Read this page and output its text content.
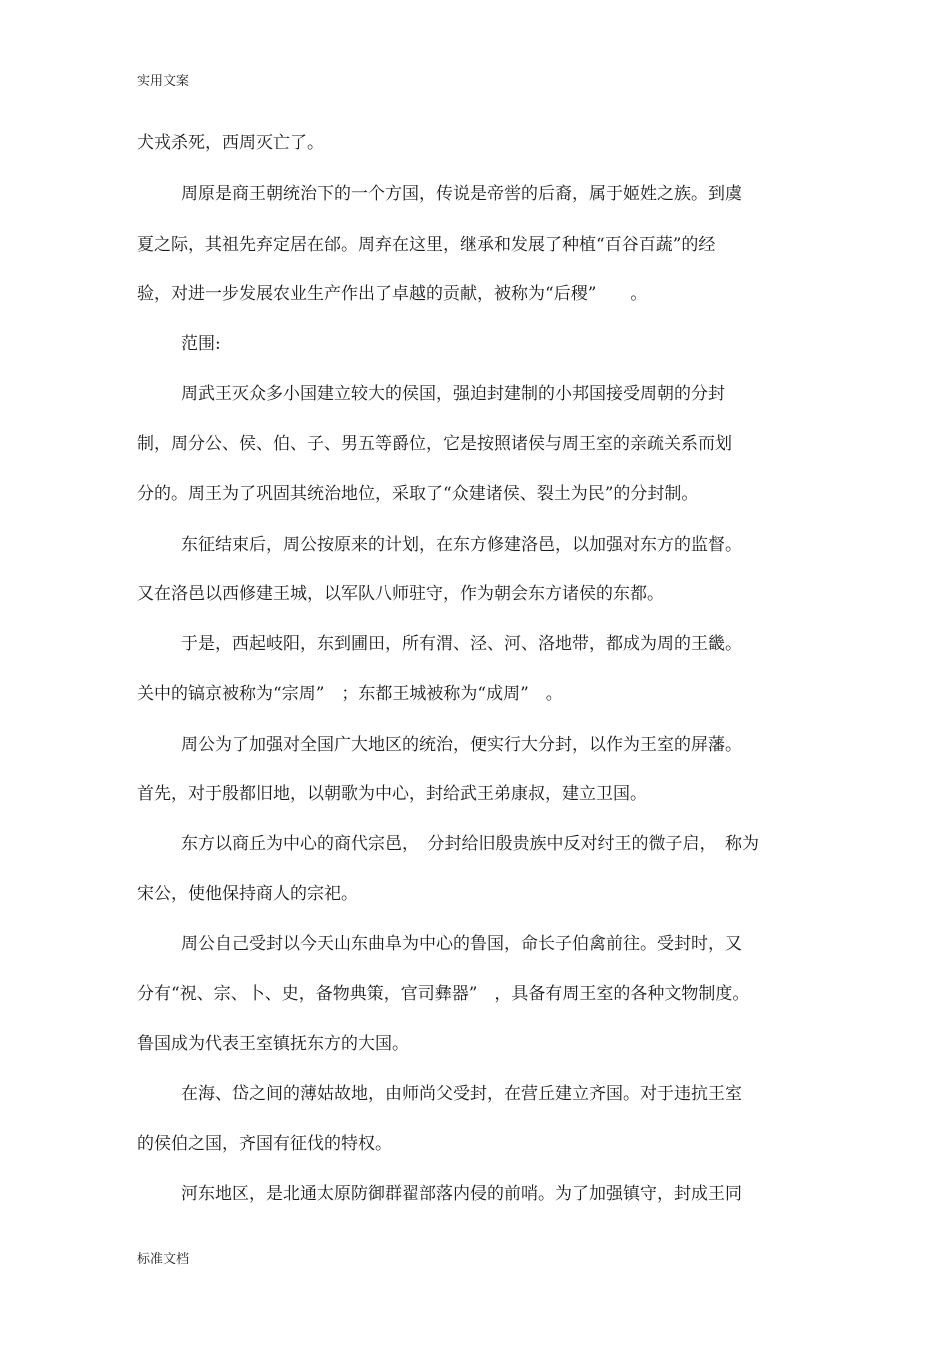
实用文案
犬戎杀死，西周灭亡了。
周原是商王朝统治下的一个方国，传说是帝喾的后裔，属于姬姓之族。到虞
夏之际，其祖先弃定居在邰。周弃在这里，继承和发展了种植“百谷百蔬”的经
验，对进一步发展农业生产作出了卓越的贡献，被称为“后稷”　　。
范围:
周武王灭众多小国建立较大的侯国，强迫封建制的小邦国接受周朝的分封
制，周分公、侯、伯、子、男五等爵位，它是按照诸侯与周王室的亲疏关系而划
分的。周王为了巩固其统治地位，采取了“众建诸侯、裂土为民”的分封制。
东征结束后，周公按原来的计划，在东方修建洛邑，以加强对东方的监督。
又在洛邑以西修建王城，以军队八师驻守，作为朝会东方诸侯的东都。
于是，西起岐阳，东到圃田，所有渭、泾、河、洛地带，都成为周的王畿。
关中的镐京被称为“宗周”　；东都王城被称为“成周”　。
周公为了加强对全国广大地区的统治，便实行大分封，以作为王室的屏藩。
首先，对于殷都旧地，以朝歌为中心，封给武王弟康叔，建立卫国。
东方以商丘为中心的商代宗邑，　分封给旧殷贵族中反对纣王的微子启，　称为
宋公，使他保持商人的宗祀。
周公自己受封以今天山东曲阜为中心的鲁国，命长子伯禽前往。受封时，又
分有“祝、宗、卜、史，备物典策，官司彝器”　，具备有周王室的各种文物制度。
鲁国成为代表王室镇抚东方的大国。
在海、岱之间的薄姑故地，由师尚父受封，在营丘建立齐国。对于违抗王室
的侯伯之国，齐国有征伐的特权。
河东地区，是北通太原防御群翟部落内侵的前哨。为了加强镇守，封成王同
标准文档
